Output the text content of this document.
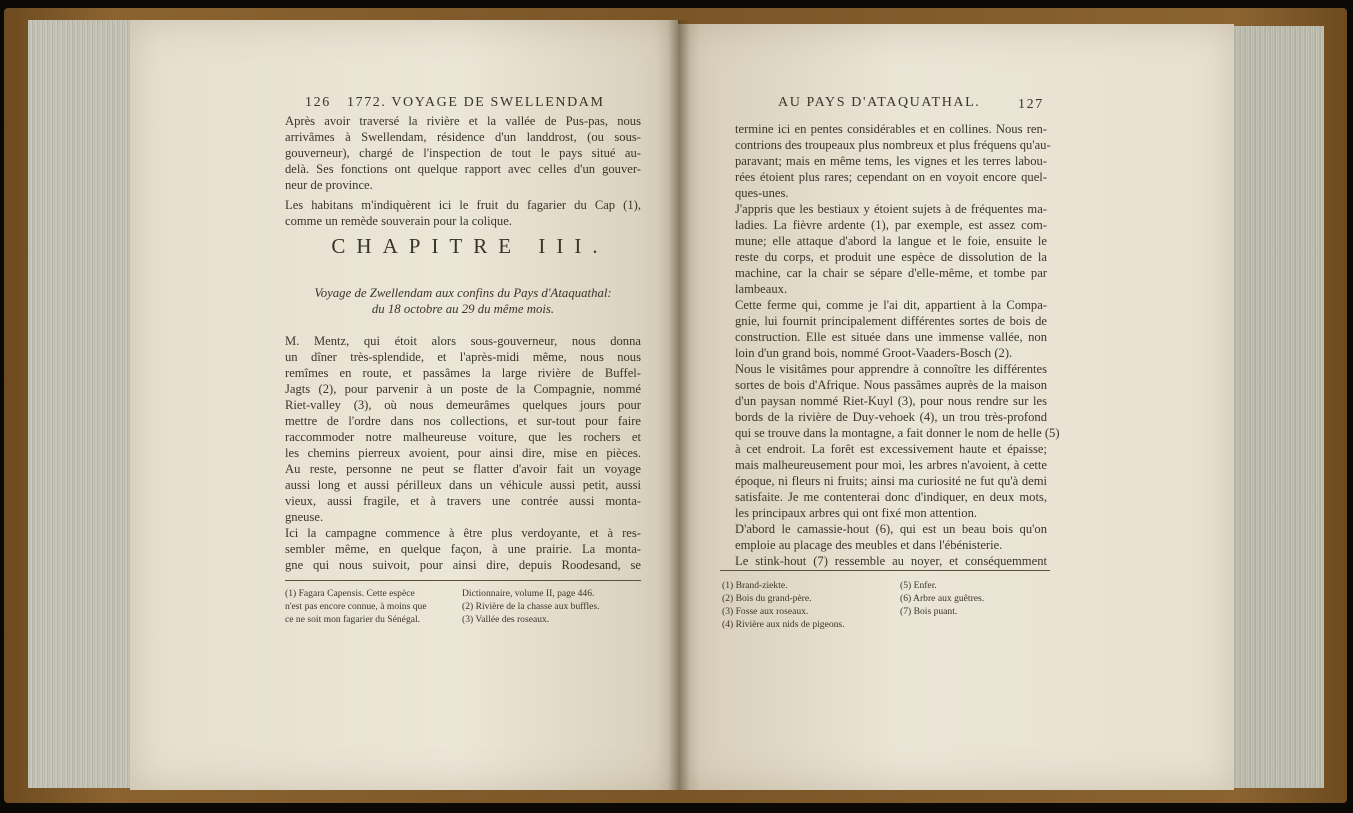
126 1772. VOYAGE DE SWELLENDAM
Après avoir traversé la rivière et la vallée de Pus-pas, nous
arrivâmes à Swellendam, résidence d'un landdrost, (ou sous-
gouverneur), chargé de l'inspection de tout le pays situé au-
delà. Ses fonctions ont quelque rapport avec celles d'un gouver-
neur de province.
Les habitans m'indiquèrent ici le fruit du fagarier du Cap (1),
comme un remède souverain pour la colique.
CHAPITRE III.
Voyage de Zwellendam aux confins du Pays d'Ataquathal:
du 18 octobre au 29 du même mois.
M. Mentz, qui étoit alors sous-gouverneur, nous donna
un dîner très-splendide, et l'après-midi même, nous nous
remîmes en route, et passâmes la large rivière de Buffel-
Jagts (2), pour parvenir à un poste de la Compagnie, nommé
Riet-valley (3), où nous demeurâmes quelques jours pour
mettre de l'ordre dans nos collections, et sur-tout pour faire
raccommoder notre malheureuse voiture, que les rochers et
les chemins pierreux avoient, pour ainsi dire, mise en pièces.
Au reste, personne ne peut se flatter d'avoir fait un voyage
aussi long et aussi périlleux dans un véhicule aussi petit, aussi
vieux, aussi fragile, et à travers une contrée aussi monta-
gneuse.
Ici la campagne commence à être plus verdoyante, et à res-
sembler même, en quelque façon, à une prairie. La monta-
gne qui nous suivoit, pour ainsi dire, depuis Roodesand, se
(1) Fagara Capensis. Cette espèce
n'est pas encore connue, à moins que
ce ne soit mon fagarier du Sénégal.
Dictionnaire, volume II, page 446.
(2) Rivière de la chasse aux buffles.
(3) Vallée des roseaux.
AU PAYS D'ATAQUATHAL.	127
termine ici en pentes considérables et en collines. Nous ren-
contrions des troupeaux plus nombreux et plus fréquens qu'au-
paravant; mais en même tems, les vignes et les terres labou-
rées étoient plus rares; cependant on en voyoit encore quel-
ques-unes.
J'appris que les bestiaux y étoient sujets à de fréquentes ma-
ladies. La fièvre ardente (1), par exemple, est assez com-
mune; elle attaque d'abord la langue et le foie, ensuite le
reste du corps, et produit une espèce de dissolution de la
machine, car la chair se sépare d'elle-même, et tombe par
lambeaux.
Cette ferme qui, comme je l'ai dit, appartient à la Compa-
gnie, lui fournit principalement différentes sortes de bois de
construction. Elle est située dans une immense vallée, non
loin d'un grand bois, nommé Groot-Vaaders-Bosch (2).
Nous le visitâmes pour apprendre à connoître les différentes
sortes de bois d'Afrique. Nous passâmes auprès de la maison
d'un paysan nommé Riet-Kuyl (3), pour nous rendre sur les
bords de la rivière de Duy-vehoek (4), un trou très-profond
qui se trouve dans la montagne, a fait donner le nom de helle (5)
à cet endroit. La forêt est excessivement haute et épaisse;
mais malheureusement pour moi, les arbres n'avoient, à cette
époque, ni fleurs ni fruits; ainsi ma curiosité ne fut qu'à demi
satisfaite. Je me contenterai donc d'indiquer, en deux mots,
les principaux arbres qui ont fixé mon attention.
D'abord le camassie-hout (6), qui est un beau bois qu'on
emploie au placage des meubles et dans l'ébénisterie.
Le stink-hout (7) ressemble au noyer, et conséquemment
(1) Brand-ziekte.
(2) Bois du grand-père.
(3) Fosse aux roseaux.
(4) Rivière aux nids de pigeons.
(5) Enfer.
(6) Arbre aux guêtres.
(7) Bois puant.
